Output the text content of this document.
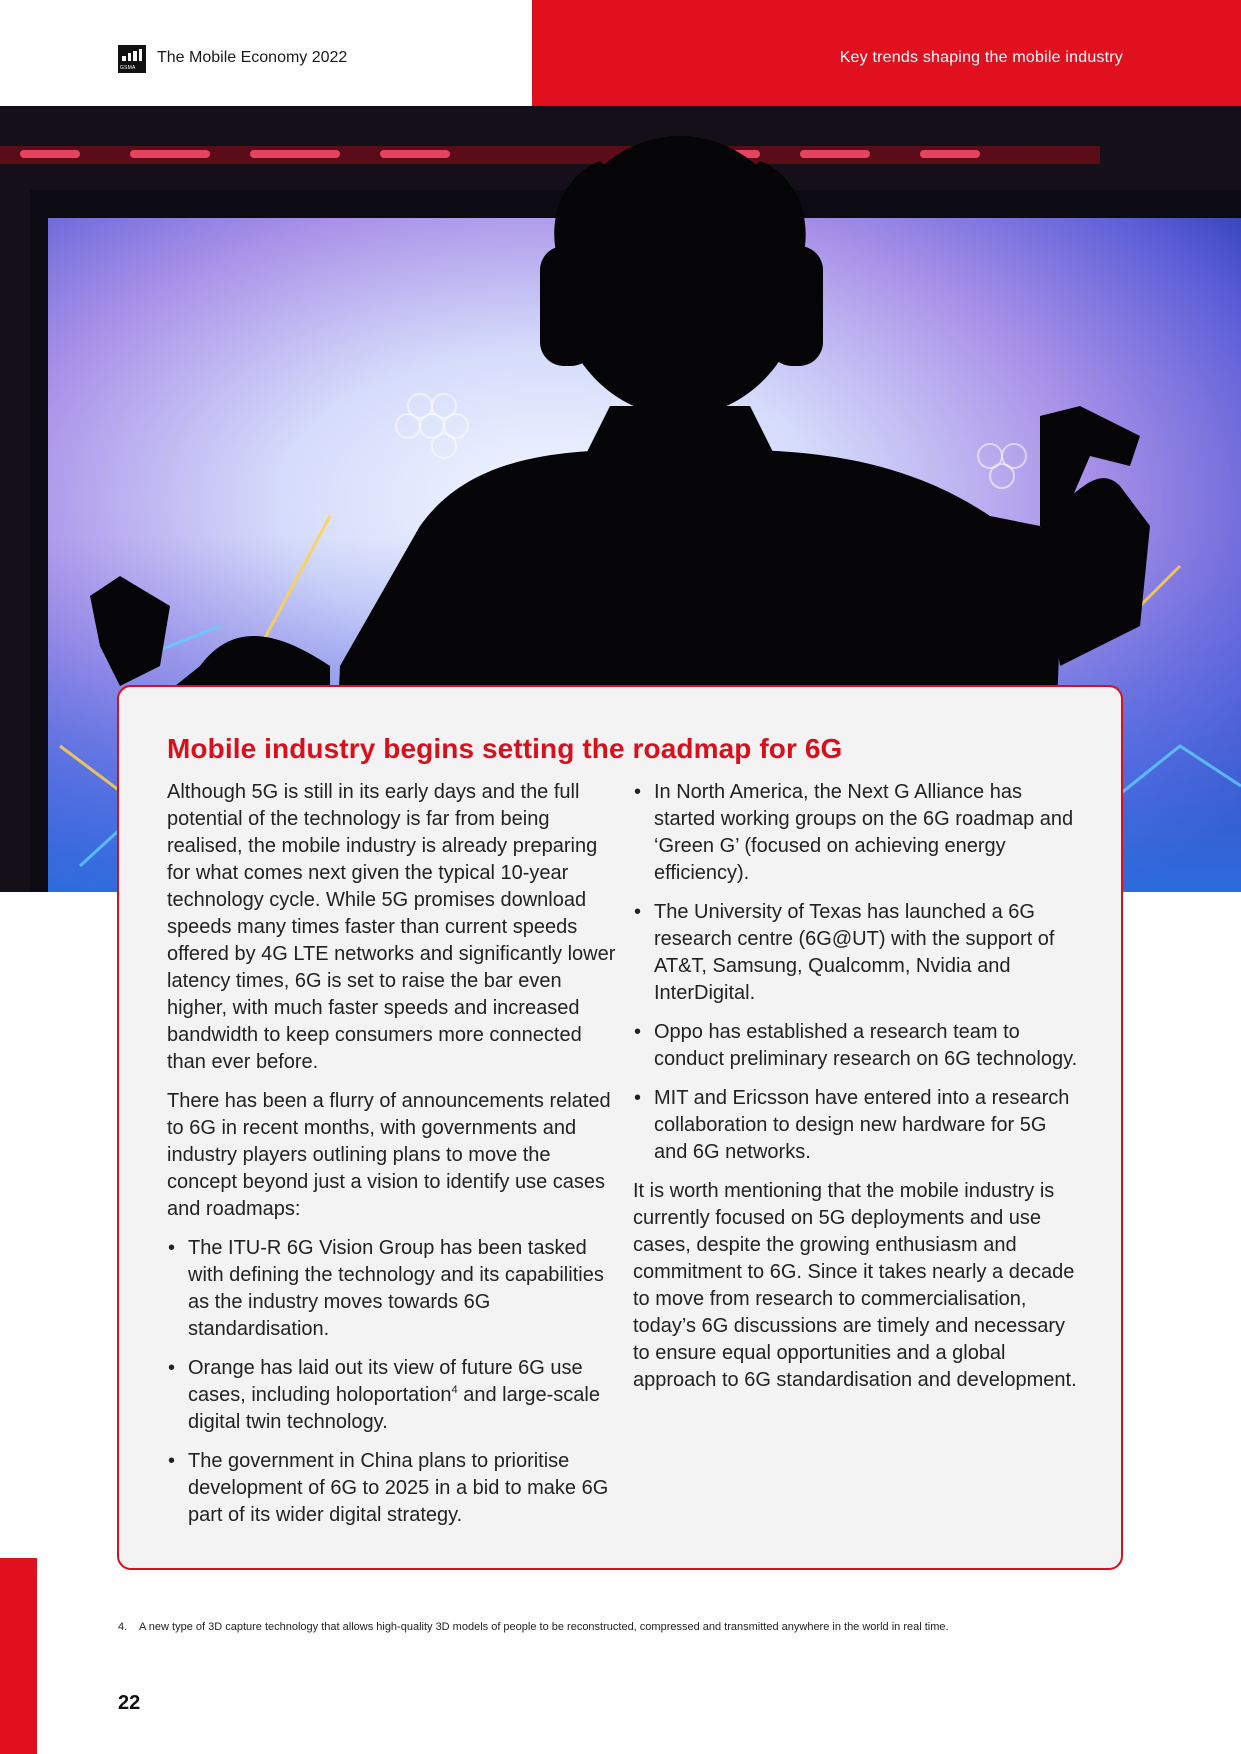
GSMA
The Mobile Economy 2022	Key trends shaping the mobile industry
Mobile industry begins setting the roadmap for 6G

Although 5G is still in its early days and the full potential of the technology is far from being realised, the mobile industry is already preparing for what comes next given the typical 10-year technology cycle. While 5G promises download speeds many times faster than current speeds offered by 4G LTE networks and significantly lower latency times, 6G is set to raise the bar even higher, with much faster speeds and increased bandwidth to keep consumers more connected than ever before.

There has been a flurry of announcements related to 6G in recent months, with governments and industry players outlining plans to move the concept beyond just a vision to identify use cases and roadmaps:

• The ITU-R 6G Vision Group has been tasked with defining the technology and its capabilities as the industry moves towards 6G standardisation.
• Orange has laid out its view of future 6G use cases, including holoportation$^4$ and large-scale digital twin technology.
• The government in China plans to prioritise development of 6G to 2025 in a bid to make 6G part of its wider digital strategy.
• In North America, the Next G Alliance has started working groups on the 6G roadmap and ‘Green G’ (focused on achieving energy efficiency).
• The University of Texas has launched a 6G research centre (6G@UT) with the support of AT&T, Samsung, Qualcomm, Nvidia and InterDigital.
• Oppo has established a research team to conduct preliminary research on 6G technology.
• MIT and Ericsson have entered into a research collaboration to design new hardware for 5G and 6G networks.

It is worth mentioning that the mobile industry is currently focused on 5G deployments and use cases, despite the growing enthusiasm and commitment to 6G. Since it takes nearly a decade to move from research to commercialisation, today’s 6G discussions are timely and necessary to ensure equal opportunities and a global approach to 6G standardisation and development.

4. A new type of 3D capture technology that allows high-quality 3D models of people to be reconstructed, compressed and transmitted anywhere in the world in real time.
22
